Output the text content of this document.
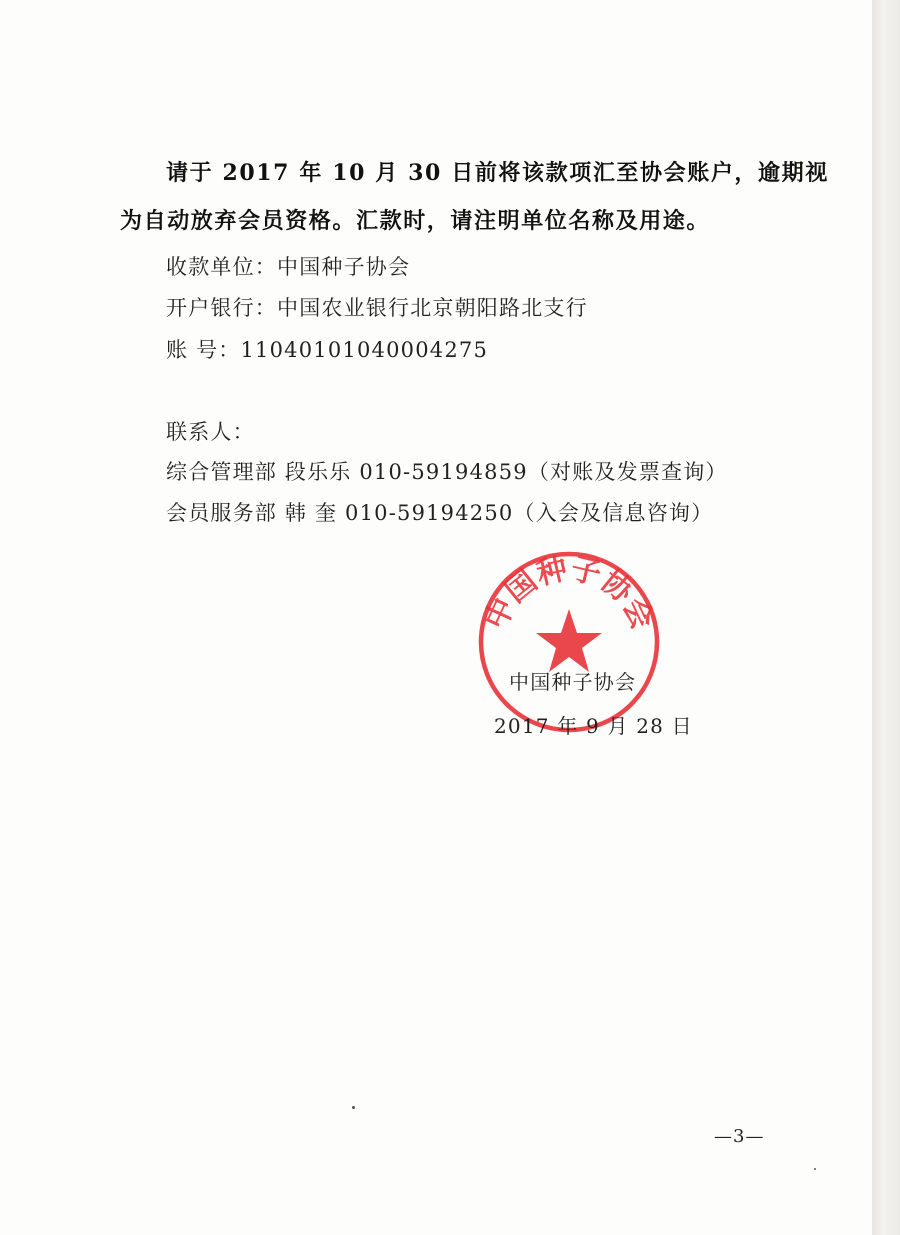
请于 2017 年 10 月 30 日前将该款项汇至协会账户，逾期视
为自动放弃会员资格。汇款时，请注明单位名称及用途。
收款单位：中国种子协会
开户银行：中国农业银行北京朝阳路北支行
账 号：11040101040004275
联系人：
综合管理部 段乐乐 010-59194859（对账及发票查询）
会员服务部 韩 奎 010-59194250（入会及信息咨询）
中国种子协会
中国种子协会
2017 年 9 月 28 日
—3—
